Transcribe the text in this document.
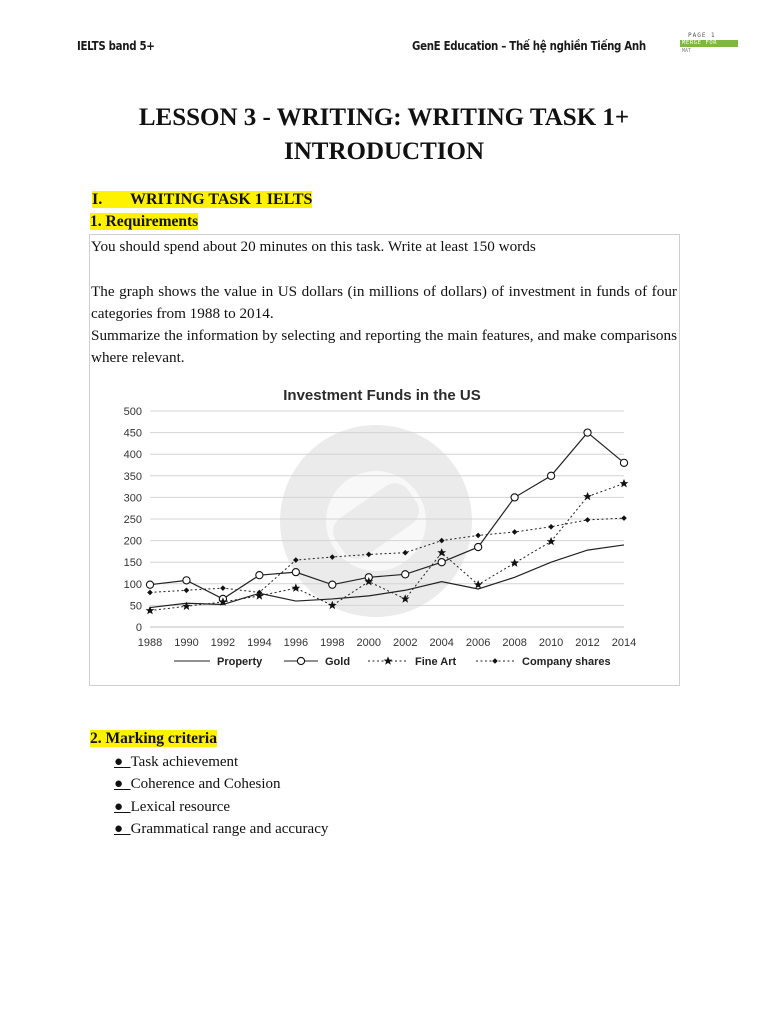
IELTS band 5+	GenE Education – Thế hệ nghiền Tiếng Anh
PAGE 1
MERGE FOR
MAT
LESSON 3 - WRITING: WRITING TASK 1+
INTRODUCTION
I. WRITING TASK 1 IELTS
1. Requirements
You should spend about 20 minutes on this task. Write at least 150 words
The graph shows the value in US dollars (in millions of dollars) of investment in funds of four categories from 1988 to 2014.
Summarize the information by selecting and reporting the main features, and make comparisons where relevant.
Investment Funds in the US
0
50
100
150
200
250
300
350
400
450
500
1988 1990 1992 1994 1996 1998 2000 2002 2004 2006 2008 2010 2012 2014
Property	Gold	Fine Art	Company shares
2. Marking criteria
● Task achievement
● Coherence and Cohesion
● Lexical resource
● Grammatical range and accuracy
